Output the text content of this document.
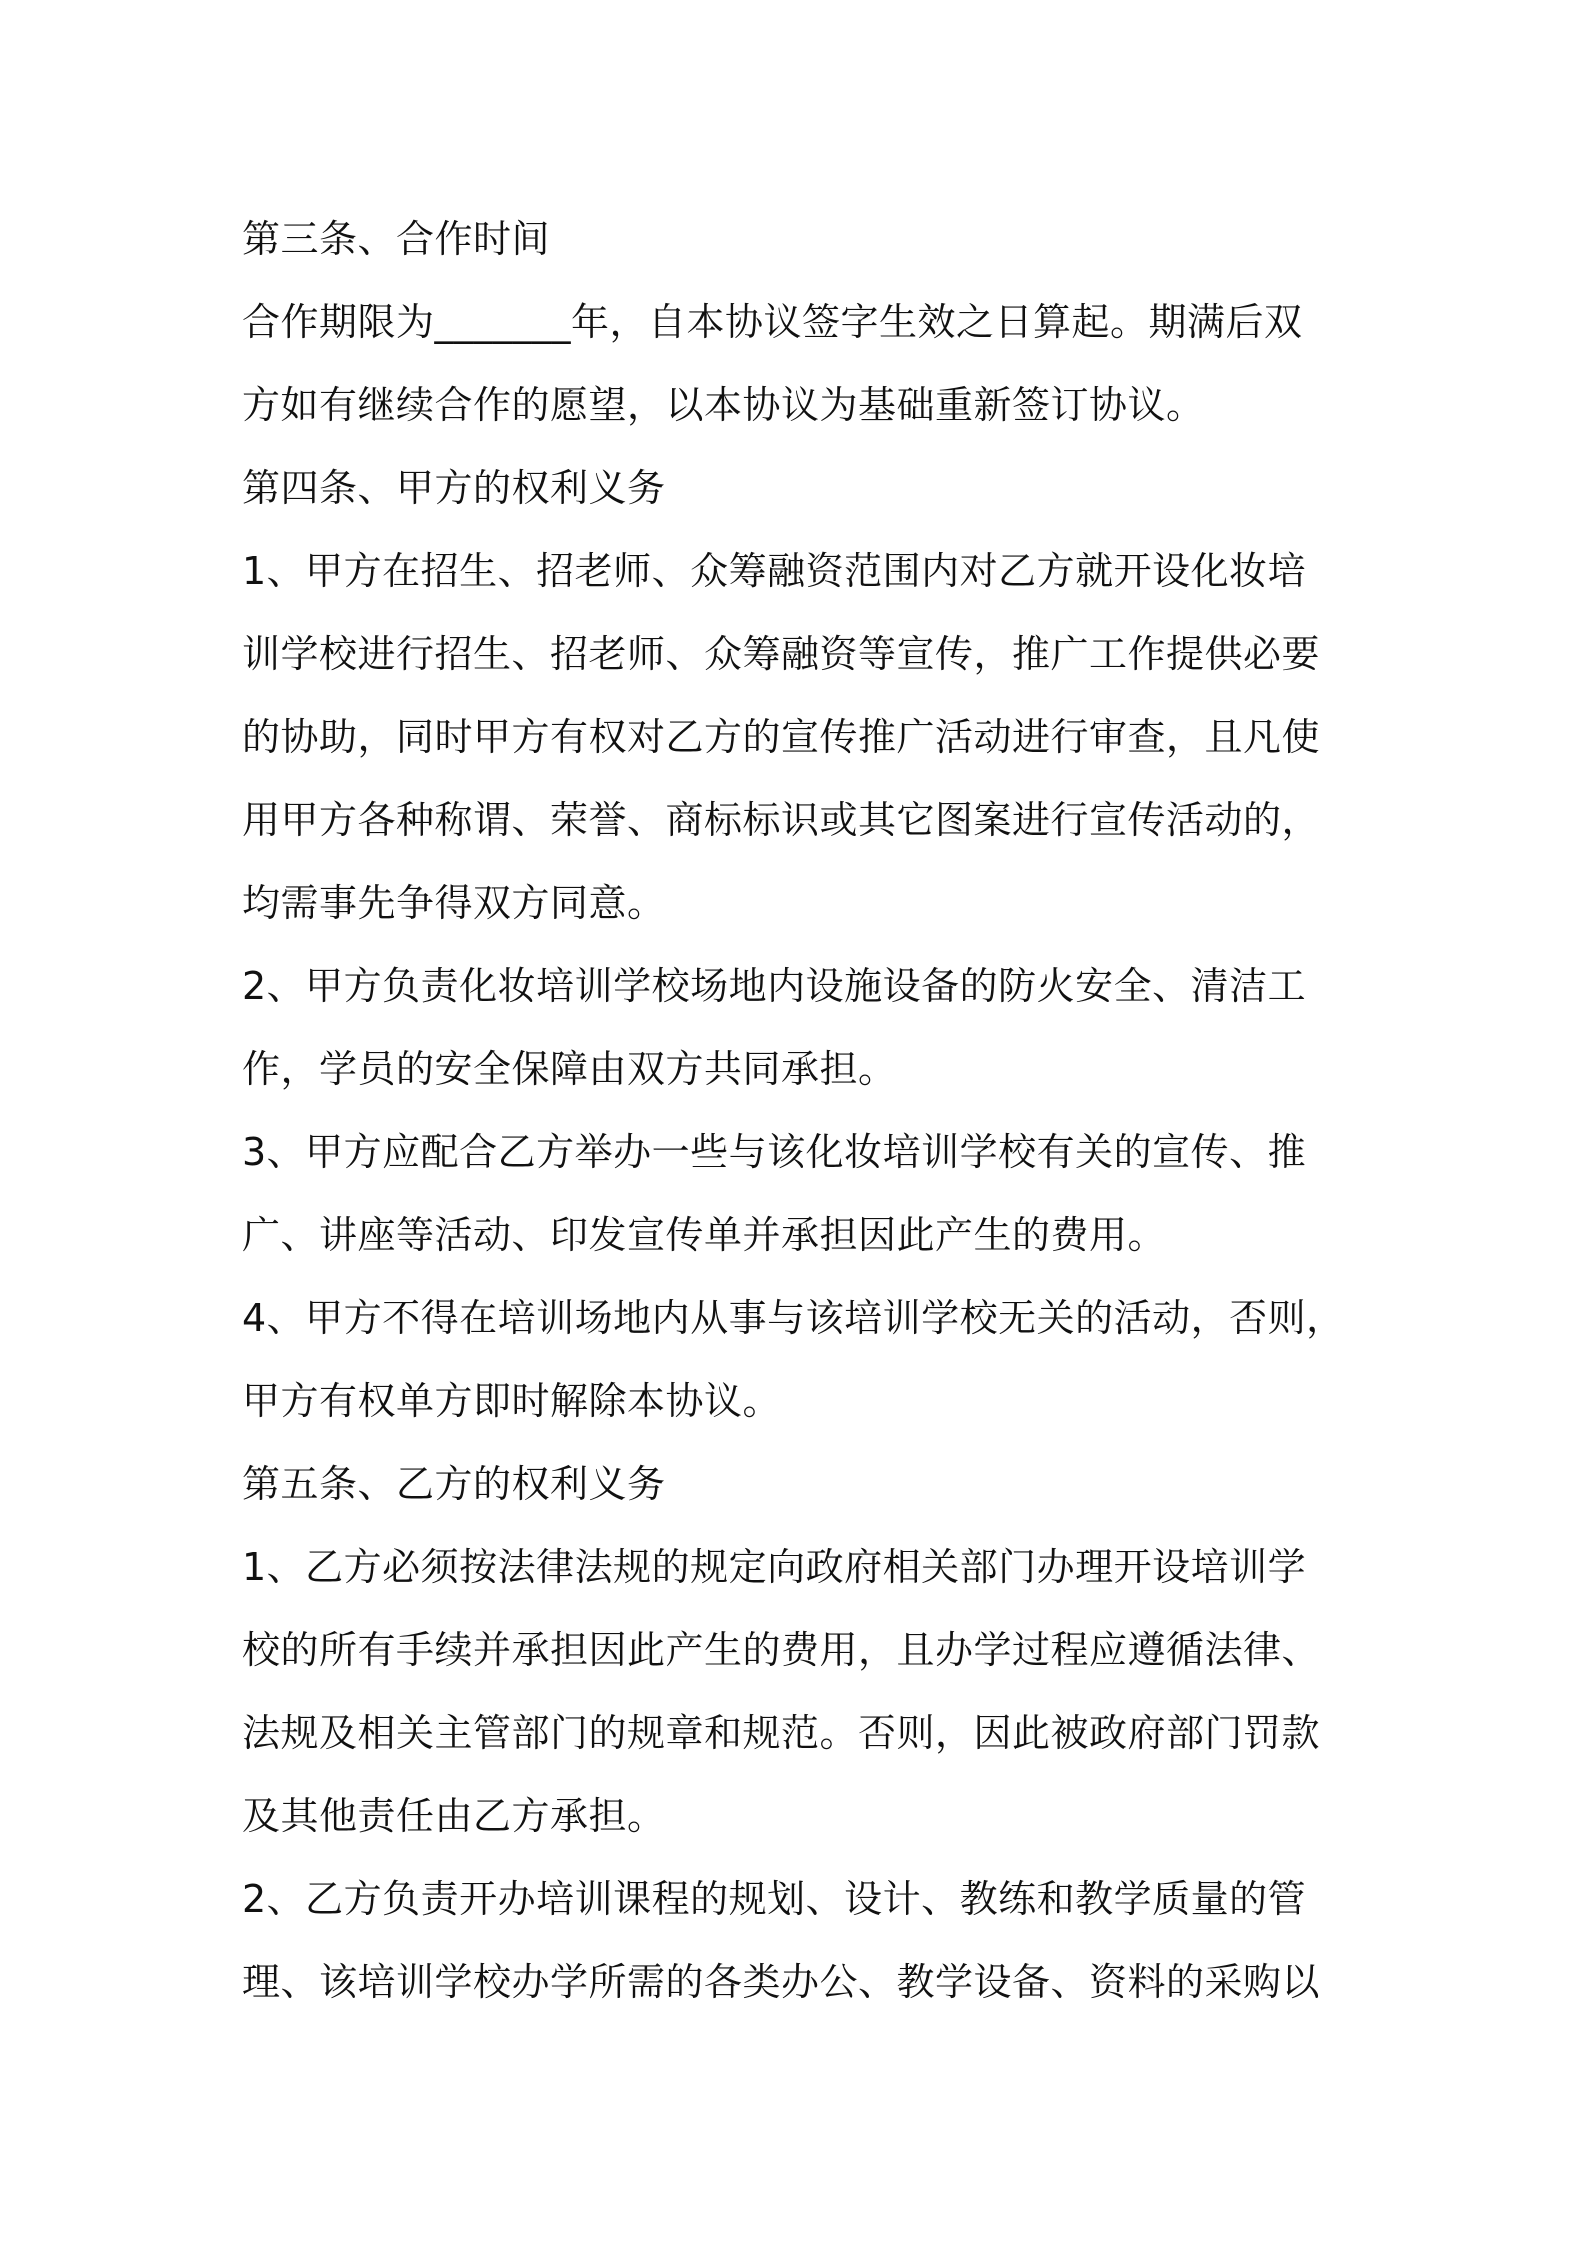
第三条、合作时间
合作期限为_______年，自本协议签字生效之日算起。期满后双
方如有继续合作的愿望，以本协议为基础重新签订协议。
第四条、甲方的权利义务
1、甲方在招生、招老师、众筹融资范围内对乙方就开设化妆培
训学校进行招生、招老师、众筹融资等宣传，推广工作提供必要
的协助，同时甲方有权对乙方的宣传推广活动进行审查，且凡使
用甲方各种称谓、荣誉、商标标识或其它图案进行宣传活动的，
均需事先争得双方同意。
2、甲方负责化妆培训学校场地内设施设备的防火安全、清洁工
作，学员的安全保障由双方共同承担。
3、甲方应配合乙方举办一些与该化妆培训学校有关的宣传、推
广、讲座等活动、印发宣传单并承担因此产生的费用。
4、甲方不得在培训场地内从事与该培训学校无关的活动，否则，
甲方有权单方即时解除本协议。
第五条、乙方的权利义务
1、乙方必须按法律法规的规定向政府相关部门办理开设培训学
校的所有手续并承担因此产生的费用，且办学过程应遵循法律、
法规及相关主管部门的规章和规范。否则，因此被政府部门罚款
及其他责任由乙方承担。
2、乙方负责开办培训课程的规划、设计、教练和教学质量的管
理、该培训学校办学所需的各类办公、教学设备、资料的采购以
